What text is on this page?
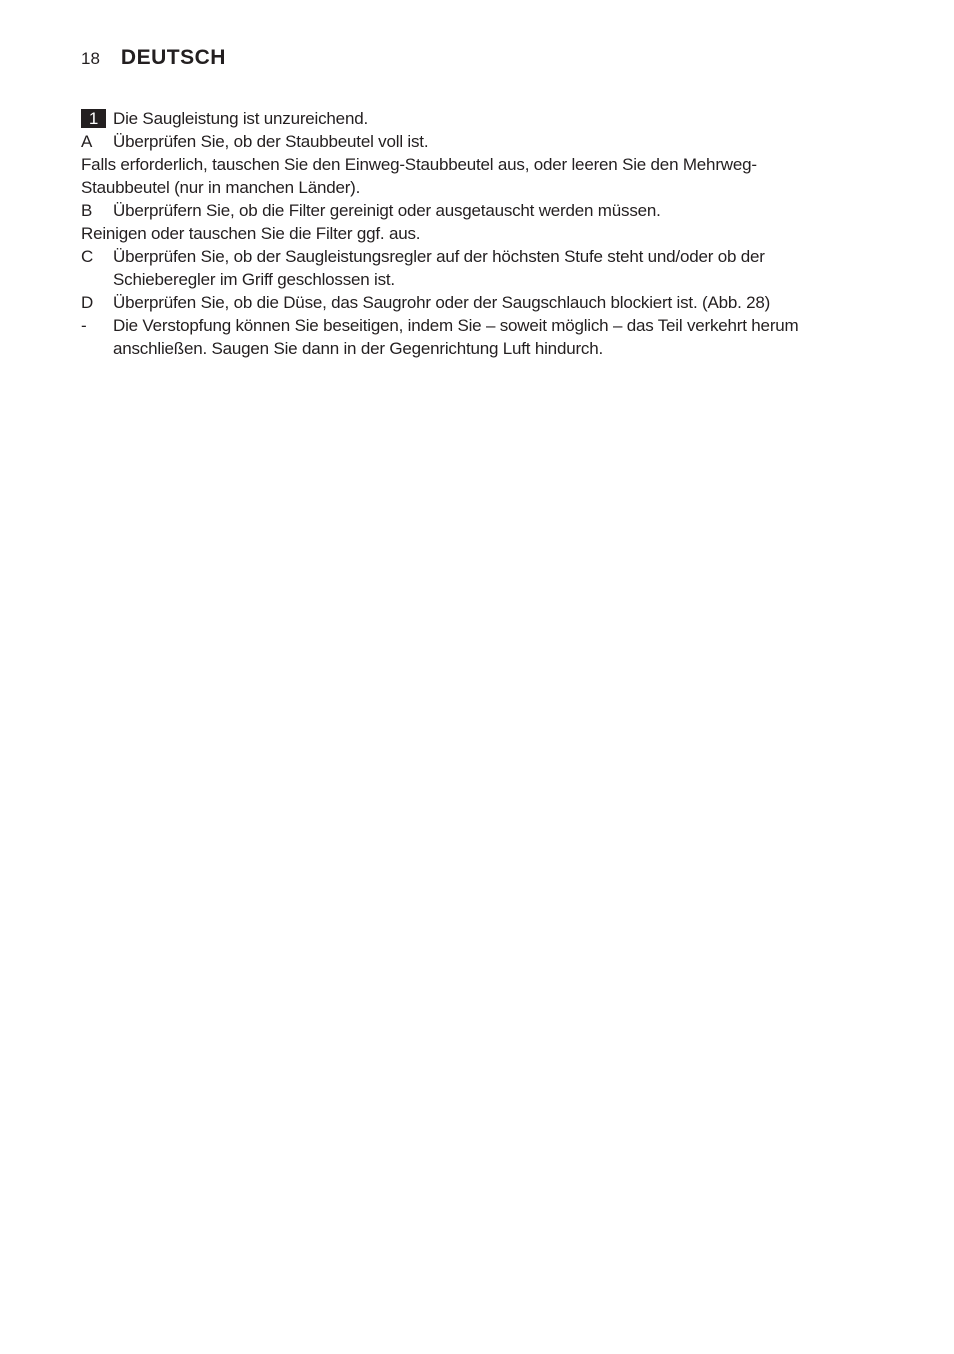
18 DEUTSCH
1 Die Saugleistung ist unzureichend.
A	Überprüfen Sie, ob der Staubbeutel voll ist.
Falls erforderlich, tauschen Sie den Einweg-Staubbeutel aus, oder leeren Sie den Mehrweg-Staubbeutel (nur in manchen Länder).
B	Überprüfern Sie, ob die Filter gereinigt oder ausgetauscht werden müssen.
Reinigen oder tauschen Sie die Filter ggf. aus.
C	Überprüfen Sie, ob der Saugleistungsregler auf der höchsten Stufe steht und/oder ob der Schieberegler im Griff geschlossen ist.
D	Überprüfen Sie, ob die Düse, das Saugrohr oder der Saugschlauch blockiert ist. (Abb. 28)
-	Die Verstopfung können Sie beseitigen, indem Sie – soweit möglich – das Teil verkehrt herum anschließen. Saugen Sie dann in der Gegenrichtung Luft hindurch.
